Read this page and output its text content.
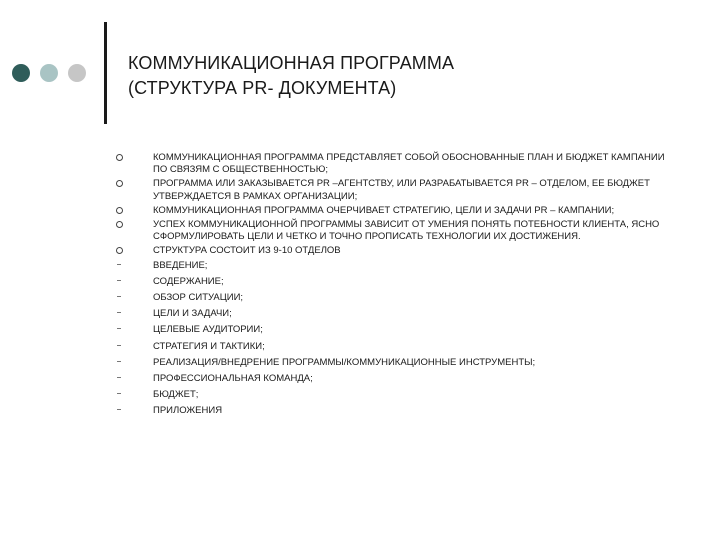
КОММУНИКАЦИОННАЯ ПРОГРАММА
(СТРУКТУРА PR- ДОКУМЕНТА)
КОММУНИКАЦИОННАЯ ПРОГРАММА ПРЕДСТАВЛЯЕТ СОБОЙ ОБОСНОВАННЫЕ ПЛАН И БЮДЖЕТ КАМПАНИИ ПО СВЯЗЯМ С ОБЩЕСТВЕННОСТЬЮ;
ПРОГРАММА ИЛИ ЗАКАЗЫВАЕТСЯ PR –АГЕНТСТВУ, ИЛИ РАЗРАБАТЫВАЕТСЯ PR – ОТДЕЛОМ, ЕЕ БЮДЖЕТ УТВЕРЖДАЕТСЯ В РАМКАХ ОРГАНИЗАЦИИ;
КОММУНИКАЦИОННАЯ ПРОГРАММА ОЧЕРЧИВАЕТ СТРАТЕГИЮ, ЦЕЛИ И ЗАДАЧИ PR – КАМПАНИИ;
УСПЕХ КОММУНИКАЦИОННОЙ ПРОГРАММЫ ЗАВИСИТ ОТ УМЕНИЯ ПОНЯТЬ ПОТЕБНОСТИ КЛИЕНТА, ЯСНО СФОРМУЛИРОВАТЬ ЦЕЛИ И ЧЕТКО И ТОЧНО ПРОПИСАТЬ ТЕХНОЛОГИИ ИХ ДОСТИЖЕНИЯ.
СТРУКТУРА СОСТОИТ ИЗ 9-10 ОТДЕЛОВ
ВВЕДЕНИЕ;
СОДЕРЖАНИЕ;
ОБЗОР СИТУАЦИИ;
ЦЕЛИ И ЗАДАЧИ;
ЦЕЛЕВЫЕ АУДИТОРИИ;
СТРАТЕГИЯ И ТАКТИКИ;
РЕАЛИЗАЦИЯ/ВНЕДРЕНИЕ ПРОГРАММЫ/КОММУНИКАЦИОННЫЕ ИНСТРУМЕНТЫ;
ПРОФЕССИОНАЛЬНАЯ КОМАНДА;
БЮДЖЕТ;
ПРИЛОЖЕНИЯ
